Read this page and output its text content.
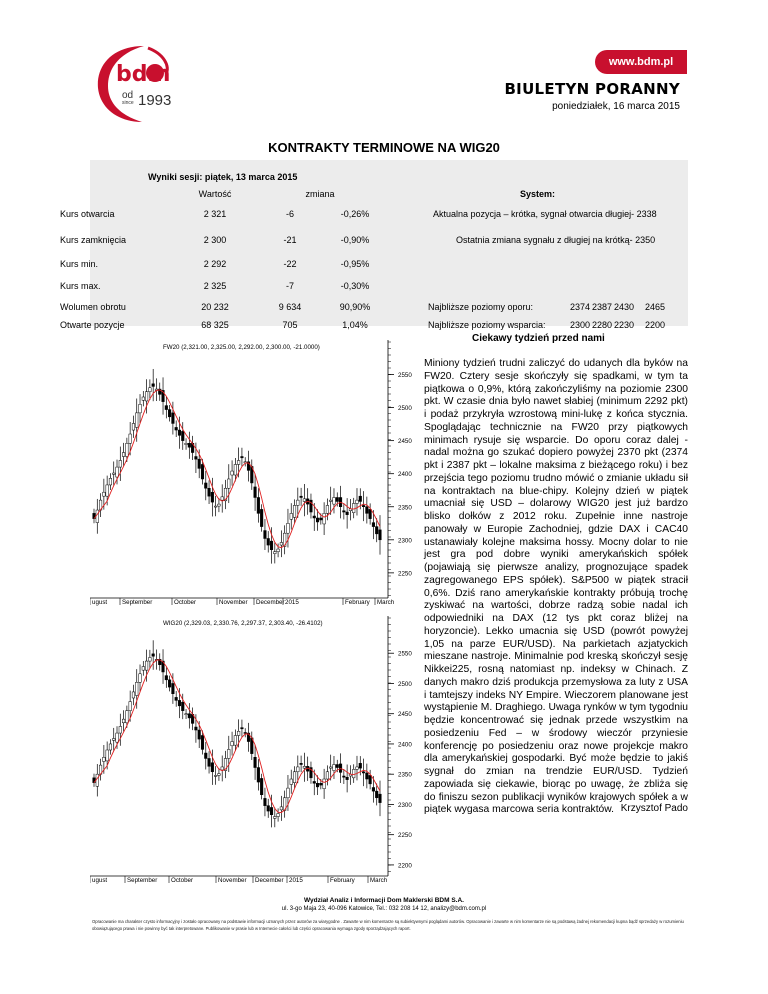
bdm
od
since 1993
www.bdm.pl
BIULETYN PORANNY
poniedziałek, 16 marca 2015
KONTRAKTY TERMINOWE NA WIG20
Wyniki sesji: piątek, 13 marca 2015
Wartość	zmiana	System:
Kurs otwarcia	2 321	-6	-0,26%
Kurs zamknięcia	2 300	-21	-0,90%
Kurs min.	2 292	-22	-0,95%
Kurs max.	2 325	-7	-0,30%
Wolumen obrotu	20 232	9 634	90,90%
Otwarte pozycje	68 325	705	1,04%
Aktualna pozycja – krótka, sygnał otwarcia długiej- 2338
Ostatnia zmiana sygnału z długiej na krótką- 2350
Najbliższe poziomy oporu:	2374 2387 2430 2465
Najbliższe poziomy wsparcia:	2300 2280 2230 2200
FW20 (2,321.00, 2,325.00, 2,292.00, 2,300.00, -21.0000)
2250
2300
2350
2400
2450
2500
2550
ugust September	October	November December 2015	February March
WIG20 (2,329.03, 2,330.76, 2,297.37, 2,303.40, -26.4102)
2200
2250
2300
2350
2400
2450
2500
2550
ugust	September October	November December 2015	February March
Ciekawy tydzień przed nami
Miniony tydzień trudni zaliczyć do udanych dla byków na FW20. Cztery sesje skończyły się spadkami, w tym ta piątkowa o 0,9%, którą zakończyliśmy na poziomie 2300 pkt. W czasie dnia było nawet słabiej (minimum 2292 pkt) i podaż przykryła wzrostową mini-lukę z końca stycznia. Spoglądając technicznie na FW20 przy piątkowych minimach rysuje się wsparcie. Do oporu coraz dalej - nadal można go szukać dopiero powyżej 2370 pkt (2374 pkt i 2387 pkt – lokalne maksima z bieżącego roku) i bez przejścia tego poziomu trudno mówić o zmianie układu sił na kontraktach na blue-chipy. Kolejny dzień w piątek umacniał się USD – dolarowy WIG20 jest już bardzo blisko dołków z 2012 roku. Zupełnie inne nastroje panowały w Europie Zachodniej, gdzie DAX i CAC40 ustanawiały kolejne maksima hossy. Mocny dolar to nie jest gra pod dobre wyniki amerykańskich spółek (pojawiają się pierwsze analizy, prognozujące spadek zagregowanego EPS spółek). S&P500 w piątek stracił 0,6%. Dziś rano amerykańskie kontrakty próbują trochę zyskiwać na wartości, dobrze radzą sobie nadal ich odpowiedniki na DAX (12 tys pkt coraz bliżej na horyzoncie). Lekko umacnia się USD (powrót powyżej 1,05 na parze EUR/USD). Na parkietach azjatyckich mieszane nastroje. Minimalnie pod kreską skończył sesję Nikkei225, rosną natomiast np. indeksy w Chinach. Z danych makro dziś produkcja przemysłowa za luty z USA i tamtejszy indeks NY Empire. Wieczorem planowane jest wystąpienie M. Draghiego. Uwaga rynków w tym tygodniu będzie koncentrować się jednak przede wszystkim na posiedzeniu Fed – w środowy wieczór przyniesie konferencję po posiedzeniu oraz nowe projekcje makro dla amerykańskiej gospodarki. Być może będzie to jakiś sygnał do zmian na trendzie EUR/USD. Tydzień zapowiada się ciekawie, biorąc po uwagę, że zbliża się do finiszu sezon publikacji wyników krajowych spółek a w piątek wygasa marcowa seria kontraktów. Krzysztof Pado
Wydział Analiz i Informacji Dom Maklerski BDM S.A.
ul. 3-go Maja 23, 40-096 Katowice, Tel.: 032 208 14 12, analizy@bdm.com.pl
Opracowanie ma charakter czysto informacyjny i zostało opracowany na podstawie informacji uznanych przez autorów za wiarygodne . Zawarte w nim komentarze są subiektywnymi poglądami autorów. Opracowanie i zawarte w nim komentarze nie są podstawą żadnej rekomendacji kupna bądź sprzedaży w rozumieniu obowiązującego prawa i nie powinny być tak interpretowane. Publikowanie w prasie lub w Internecie całości lub części opracowania wymaga zgody sporządzających raport.
